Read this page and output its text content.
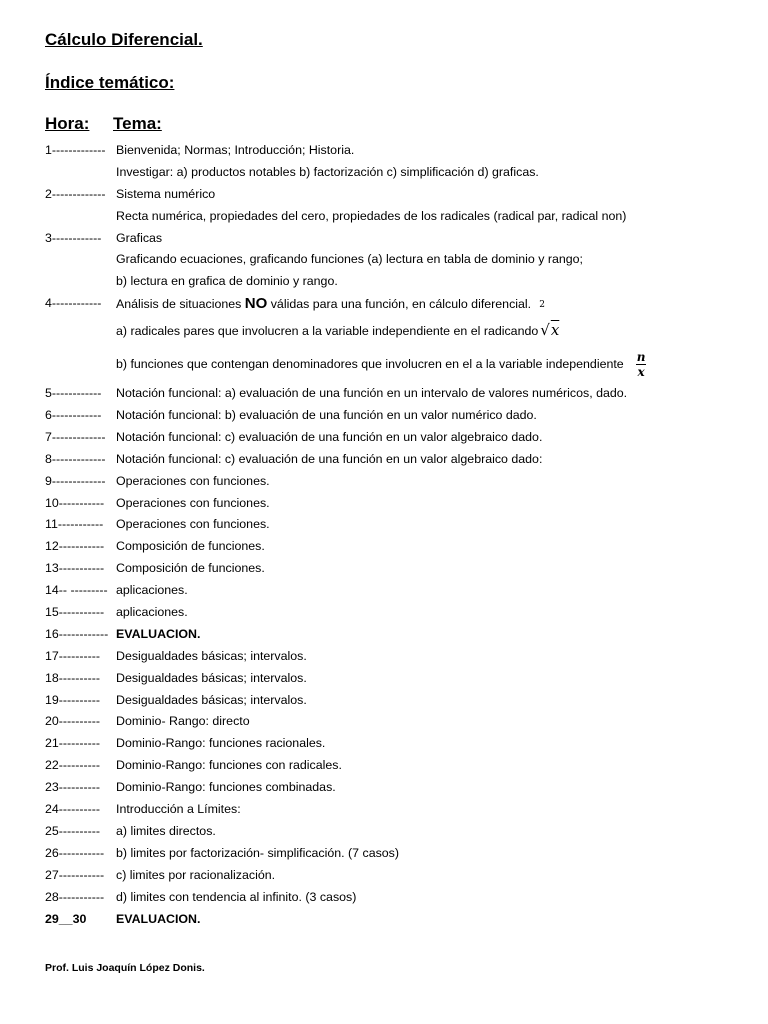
Cálculo Diferencial.
Índice temático:
Hora: Tema:
1------------- Bienvenida; Normas; Introducción; Historia.
Investigar: a) productos notables b) factorización c) simplificación d) graficas.
2------------- Sistema numérico
Recta numérica, propiedades del cero, propiedades de los radicales (radical par, radical non)
3------------ Graficas
Graficando ecuaciones, graficando funciones (a) lectura en tabla de dominio y rango;
b) lectura en grafica de dominio y rango.
4------------ Análisis de situaciones NO válidas para una función, en cálculo diferencial.
a) radicales pares que involucren a la variable independiente en el radicando
2
√x
b) funciones que contengan denominadores que involucren en el a la variable independiente $\frac{n}{x}$
5------------ Notación funcional: a) evaluación de una función en un intervalo de valores numéricos, dado.
6------------ Notación funcional: b) evaluación de una función en un valor numérico dado.
7------------- Notación funcional: c) evaluación de una función en un valor algebraico dado.
8------------- Notación funcional: c) evaluación de una función en un valor algebraico dado:
9------------- Operaciones con funciones.
10----------- Operaciones con funciones.
11----------- Operaciones con funciones.
12----------- Composición de funciones.
13----------- Composición de funciones.
14-- --------- aplicaciones.
15----------- aplicaciones.
16------------ EVALUACION.
17---------- Desigualdades básicas; intervalos.
18---------- Desigualdades básicas; intervalos.
19---------- Desigualdades básicas; intervalos.
20---------- Dominio- Rango: directo
21---------- Dominio-Rango: funciones racionales.
22---------- Dominio-Rango: funciones con radicales.
23---------- Dominio-Rango: funciones combinadas.
24---------- Introducción a Límites:
25---------- a) limites directos.
26----------- b) limites por factorización- simplificación. (7 casos)
27----------- c) limites por racionalización.
28----------- d) limites con tendencia al infinito. (3 casos)
29__30 EVALUACION.
Prof. Luis Joaquín López Donis.
